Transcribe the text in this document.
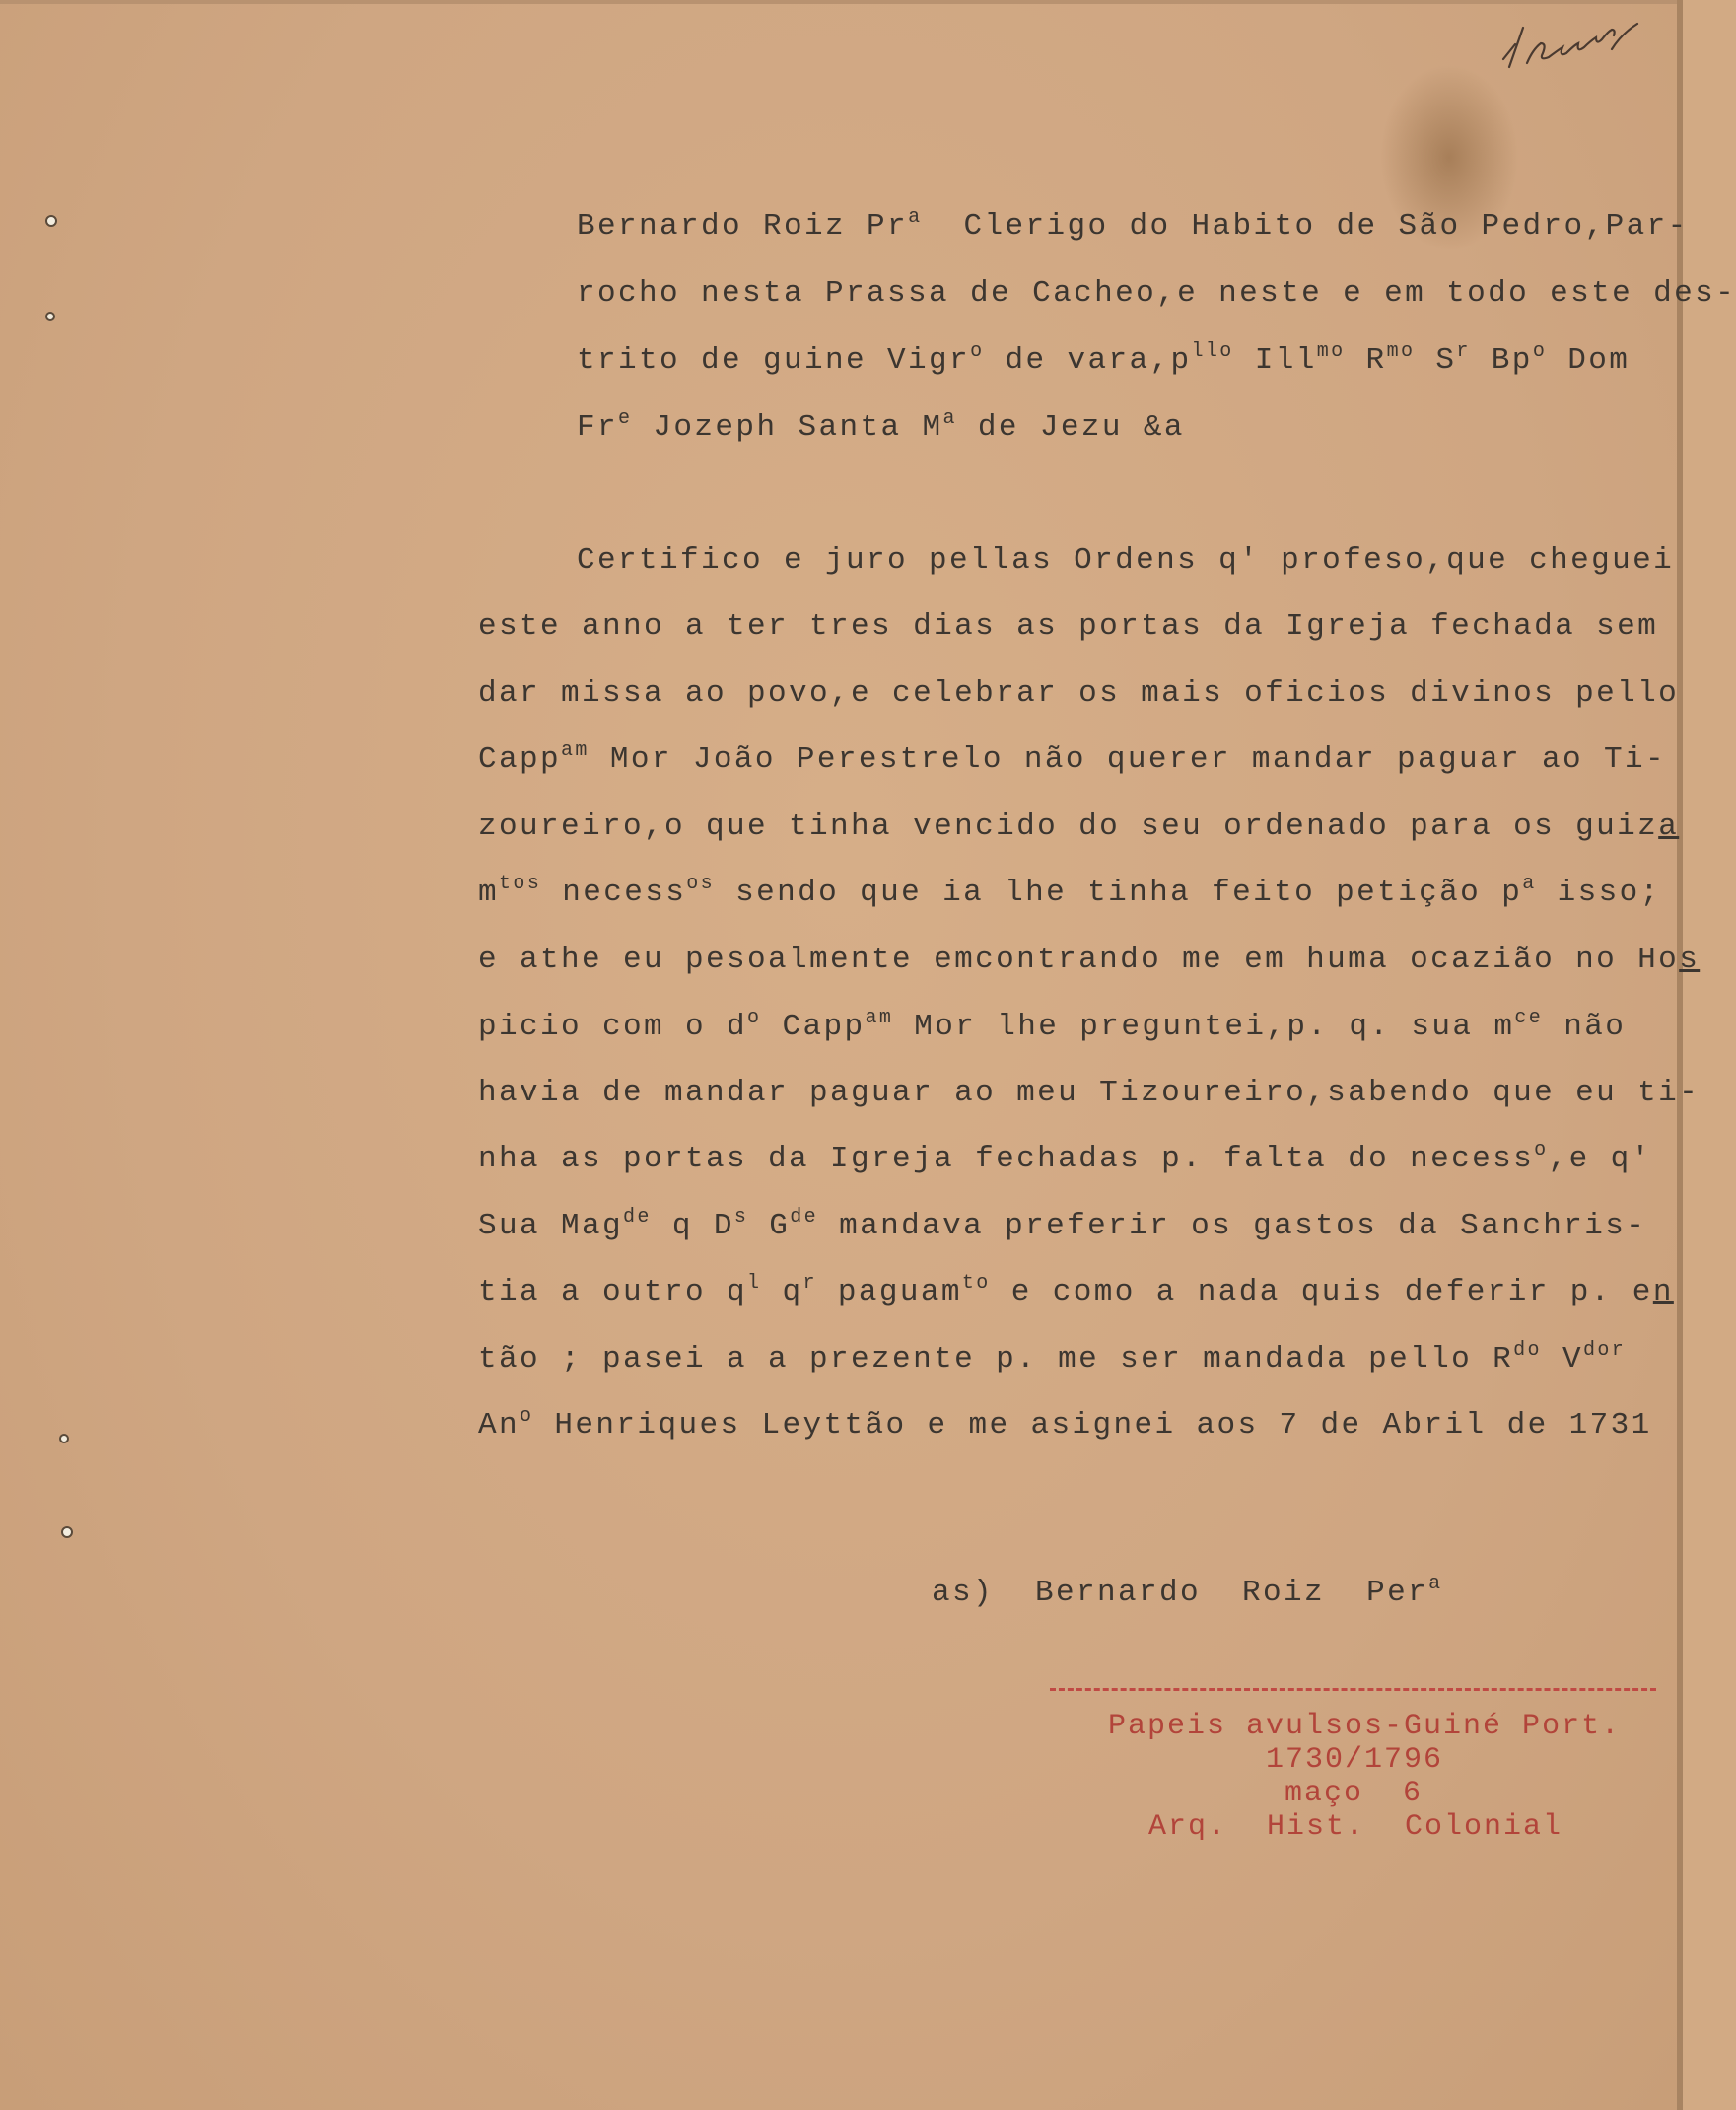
Bernardo Roiz Pr$^a$  Clerigo do Habito de São Pedro,Par-
rocho nesta Prassa de Cacheo,e neste e em todo este des-
trito de guine Vigr$^o$ de $vara,p^{llo}$ Ill$^{mo}$ $R^{mo}$ $S^r$ Bp$^o$ Dom
Fr$^e$ Jozeph Santa $M^a$ de Jezu &a
Certifico e juro pellas Ordens q' profeso,que cheguei
este anno a ter tres dias as portas da Igreja fechada sem
dar missa ao povo,e celebrar os mais oficios divinos pello
Capp$^{am}$ Mor João Perestrelo não querer mandar paguar ao Ti-
zoureiro,o que tinha vencido do seu ordenado para os guiza
$m^{tos}$ necess$^{os}$ sendo que ia lhe tinha feito petição $p^a$ isso;
e athe eu pesoalmente emcontrando me em huma ocazião no Hos
picio com o $d^o$ Capp$^{am}$ Mor lhe preguntei,p. q. sua $m^{ce}$ não
havia de mandar paguar ao meu Tizoureiro,sabendo que eu ti-
nha as portas da Igreja fechadas p. falta do necess$^o$,e q'
Sua Mag$^{de}$ q $D^s$ $G^{de}$ mandava preferir os gastos da Sanchris-
tia a outro $q^l$ $q^r$ paguam$^{to}$ e como a nada quis deferir p. en
tão ; pasei a a prezente p. me ser mandada pello $R^{do}$ $V^{dor}$
An$^o$ Henriques Leyttão e me asignei aos 7 de Abril de 1731
as)  Bernardo  Roiz  Per$^a$
Papeis avulsos-Guiné Port.
1730/1796
maço  6
Arq.  Hist.  Colonial
